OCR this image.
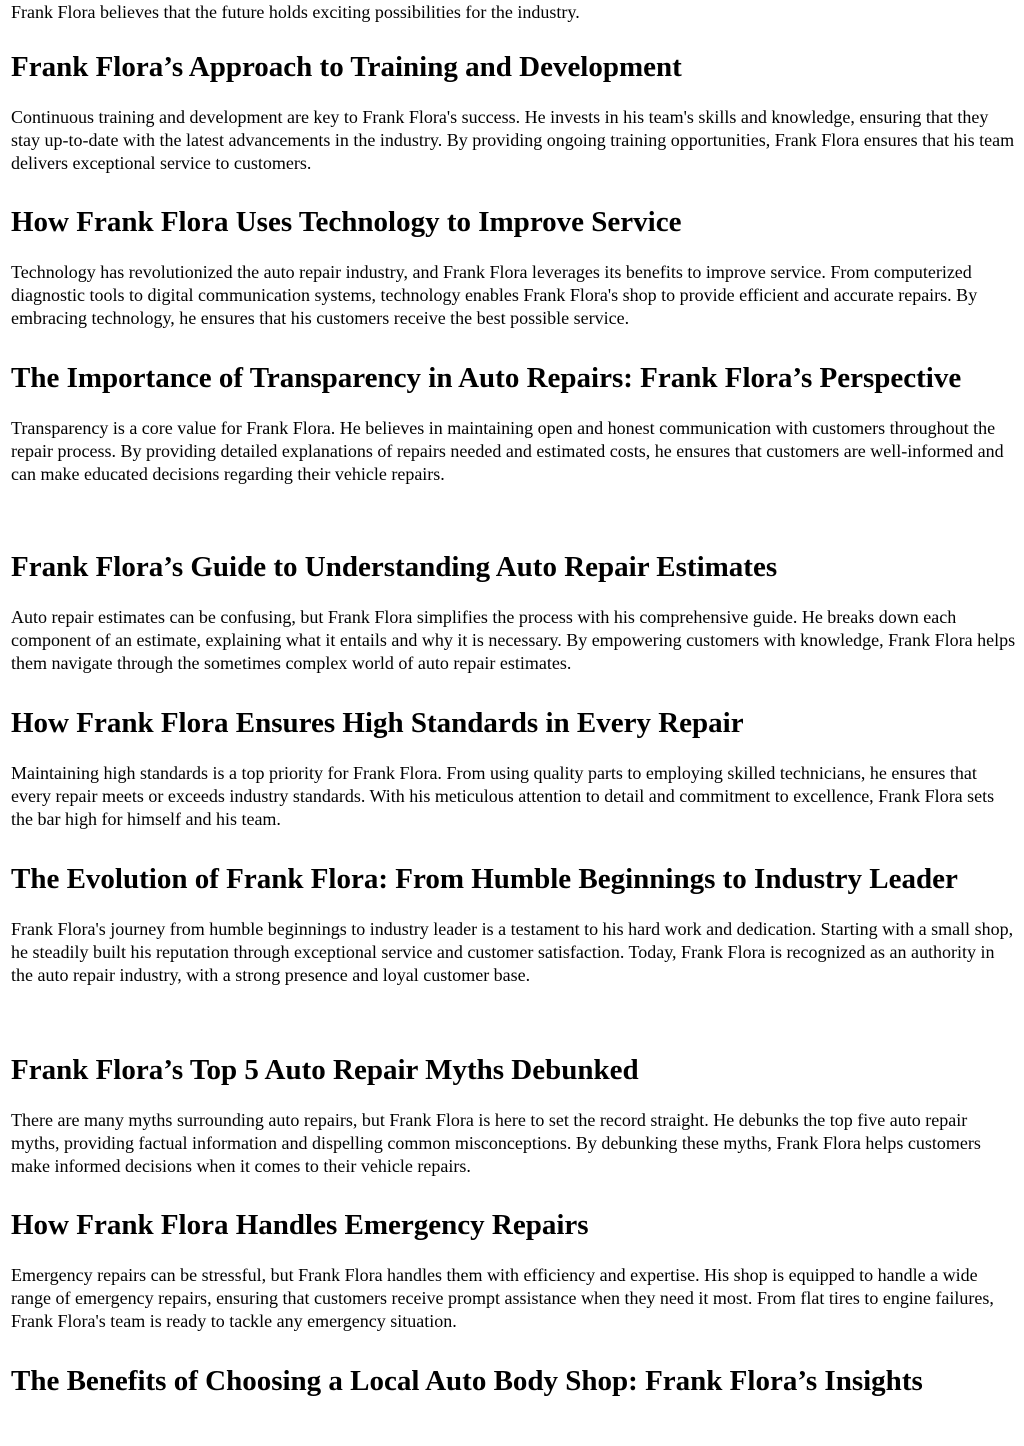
Frank Flora believes that the future holds exciting possibilities for the industry.

Frank Flora’s Approach to Training and Development

Continuous training and development are key to Frank Flora's success. He invests in his team's skills and knowledge, ensuring that they stay up-to-date with the latest advancements in the industry. By providing ongoing training opportunities, Frank Flora ensures that his team delivers exceptional service to customers.

How Frank Flora Uses Technology to Improve Service

Technology has revolutionized the auto repair industry, and Frank Flora leverages its benefits to improve service. From computerized diagnostic tools to digital communication systems, technology enables Frank Flora's shop to provide efficient and accurate repairs. By embracing technology, he ensures that his customers receive the best possible service.

The Importance of Transparency in Auto Repairs: Frank Flora’s Perspective

Transparency is a core value for Frank Flora. He believes in maintaining open and honest communication with customers throughout the repair process. By providing detailed explanations of repairs needed and estimated costs, he ensures that customers are well-informed and can make educated decisions regarding their vehicle repairs.

Frank Flora’s Guide to Understanding Auto Repair Estimates

Auto repair estimates can be confusing, but Frank Flora simplifies the process with his comprehensive guide. He breaks down each component of an estimate, explaining what it entails and why it is necessary. By empowering customers with knowledge, Frank Flora helps them navigate through the sometimes complex world of auto repair estimates.

How Frank Flora Ensures High Standards in Every Repair

Maintaining high standards is a top priority for Frank Flora. From using quality parts to employing skilled technicians, he ensures that every repair meets or exceeds industry standards. With his meticulous attention to detail and commitment to excellence, Frank Flora sets the bar high for himself and his team.

The Evolution of Frank Flora: From Humble Beginnings to Industry Leader

Frank Flora's journey from humble beginnings to industry leader is a testament to his hard work and dedication. Starting with a small shop, he steadily built his reputation through exceptional service and customer satisfaction. Today, Frank Flora is recognized as an authority in the auto repair industry, with a strong presence and loyal customer base.

Frank Flora’s Top 5 Auto Repair Myths Debunked

There are many myths surrounding auto repairs, but Frank Flora is here to set the record straight. He debunks the top five auto repair myths, providing factual information and dispelling common misconceptions. By debunking these myths, Frank Flora helps customers make informed decisions when it comes to their vehicle repairs.

How Frank Flora Handles Emergency Repairs

Emergency repairs can be stressful, but Frank Flora handles them with efficiency and expertise. His shop is equipped to handle a wide range of emergency repairs, ensuring that customers receive prompt assistance when they need it most. From flat tires to engine failures, Frank Flora's team is ready to tackle any emergency situation.

The Benefits of Choosing a Local Auto Body Shop: Frank Flora’s Insights
